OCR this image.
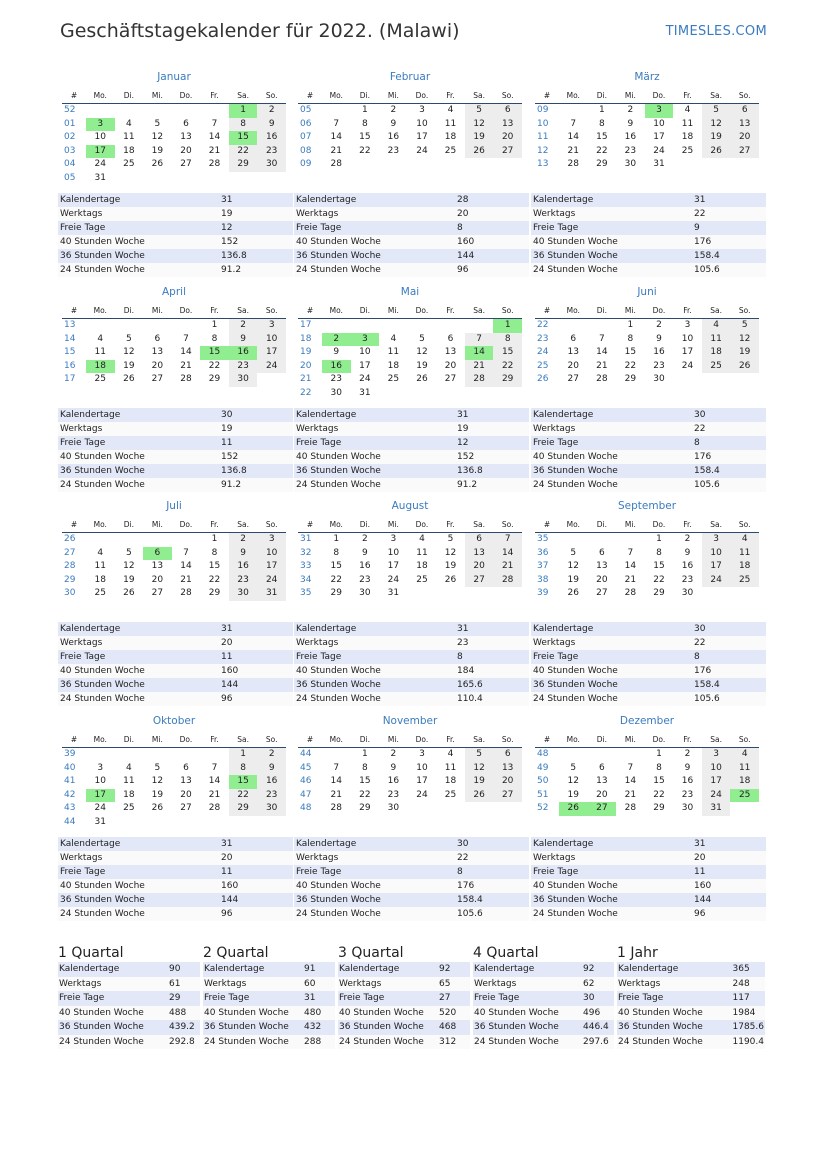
Geschäftstagekalender für 2022. (Malawi)	TIMESLES.COM
Januar
#	Mo.	Di.	Mi.	Do.	Fr.	Sa.	So.
52						1	2
01	3	4	5	6	7	8	9
02	10	11	12	13	14	15	16
03	17	18	19	20	21	22	23
04	24	25	26	27	28	29	30
05	31						
Kalendertage	31
Werktags	19
Freie Tage	12
40 Stunden Woche	152
36 Stunden Woche	136.8
24 Stunden Woche	91.2
Februar
#	Mo.	Di.	Mi.	Do.	Fr.	Sa.	So.
05		1	2	3	4	5	6
06	7	8	9	10	11	12	13
07	14	15	16	17	18	19	20
08	21	22	23	24	25	26	27
09	28						
Kalendertage	28
Werktags	20
Freie Tage	8
40 Stunden Woche	160
36 Stunden Woche	144
24 Stunden Woche	96
März
#	Mo.	Di.	Mi.	Do.	Fr.	Sa.	So.
09		1	2	3	4	5	6
10	7	8	9	10	11	12	13
11	14	15	16	17	18	19	20
12	21	22	23	24	25	26	27
13	28	29	30	31			
Kalendertage	31
Werktags	22
Freie Tage	9
40 Stunden Woche	176
36 Stunden Woche	158.4
24 Stunden Woche	105.6
April
#	Mo.	Di.	Mi.	Do.	Fr.	Sa.	So.
13					1	2	3
14	4	5	6	7	8	9	10
15	11	12	13	14	15	16	17
16	18	19	20	21	22	23	24
17	25	26	27	28	29	30	
Kalendertage	30
Werktags	19
Freie Tage	11
40 Stunden Woche	152
36 Stunden Woche	136.8
24 Stunden Woche	91.2
Mai
#	Mo.	Di.	Mi.	Do.	Fr.	Sa.	So.
17							1
18	2	3	4	5	6	7	8
19	9	10	11	12	13	14	15
20	16	17	18	19	20	21	22
21	23	24	25	26	27	28	29
22	30	31					
Kalendertage	31
Werktags	19
Freie Tage	12
40 Stunden Woche	152
36 Stunden Woche	136.8
24 Stunden Woche	91.2
Juni
#	Mo.	Di.	Mi.	Do.	Fr.	Sa.	So.
22			1	2	3	4	5
23	6	7	8	9	10	11	12
24	13	14	15	16	17	18	19
25	20	21	22	23	24	25	26
26	27	28	29	30			
Kalendertage	30
Werktags	22
Freie Tage	8
40 Stunden Woche	176
36 Stunden Woche	158.4
24 Stunden Woche	105.6
Juli
#	Mo.	Di.	Mi.	Do.	Fr.	Sa.	So.
26					1	2	3
27	4	5	6	7	8	9	10
28	11	12	13	14	15	16	17
29	18	19	20	21	22	23	24
30	25	26	27	28	29	30	31
Kalendertage	31
Werktags	20
Freie Tage	11
40 Stunden Woche	160
36 Stunden Woche	144
24 Stunden Woche	96
August
#	Mo.	Di.	Mi.	Do.	Fr.	Sa.	So.
31	1	2	3	4	5	6	7
32	8	9	10	11	12	13	14
33	15	16	17	18	19	20	21
34	22	23	24	25	26	27	28
35	29	30	31				
Kalendertage	31
Werktags	23
Freie Tage	8
40 Stunden Woche	184
36 Stunden Woche	165.6
24 Stunden Woche	110.4
September
#	Mo.	Di.	Mi.	Do.	Fr.	Sa.	So.
35				1	2	3	4
36	5	6	7	8	9	10	11
37	12	13	14	15	16	17	18
38	19	20	21	22	23	24	25
39	26	27	28	29	30		
Kalendertage	30
Werktags	22
Freie Tage	8
40 Stunden Woche	176
36 Stunden Woche	158.4
24 Stunden Woche	105.6
Oktober
#	Mo.	Di.	Mi.	Do.	Fr.	Sa.	So.
39						1	2
40	3	4	5	6	7	8	9
41	10	11	12	13	14	15	16
42	17	18	19	20	21	22	23
43	24	25	26	27	28	29	30
44	31						
Kalendertage	31
Werktags	20
Freie Tage	11
40 Stunden Woche	160
36 Stunden Woche	144
24 Stunden Woche	96
November
#	Mo.	Di.	Mi.	Do.	Fr.	Sa.	So.
44		1	2	3	4	5	6
45	7	8	9	10	11	12	13
46	14	15	16	17	18	19	20
47	21	22	23	24	25	26	27
48	28	29	30				
Kalendertage	30
Werktags	22
Freie Tage	8
40 Stunden Woche	176
36 Stunden Woche	158.4
24 Stunden Woche	105.6
Dezember
#	Mo.	Di.	Mi.	Do.	Fr.	Sa.	So.
48				1	2	3	4
49	5	6	7	8	9	10	11
50	12	13	14	15	16	17	18
51	19	20	21	22	23	24	25
52	26	27	28	29	30	31	
Kalendertage	31
Werktags	20
Freie Tage	11
40 Stunden Woche	160
36 Stunden Woche	144
24 Stunden Woche	96
1 Quartal
Kalendertage	90
Werktags	61
Freie Tage	29
40 Stunden Woche	488
36 Stunden Woche	439.2
24 Stunden Woche	292.8
2 Quartal
Kalendertage	91
Werktags	60
Freie Tage	31
40 Stunden Woche	480
36 Stunden Woche	432
24 Stunden Woche	288
3 Quartal
Kalendertage	92
Werktags	65
Freie Tage	27
40 Stunden Woche	520
36 Stunden Woche	468
24 Stunden Woche	312
4 Quartal
Kalendertage	92
Werktags	62
Freie Tage	30
40 Stunden Woche	496
36 Stunden Woche	446.4
24 Stunden Woche	297.6
1 Jahr
Kalendertage	365
Werktags	248
Freie Tage	117
40 Stunden Woche	1984
36 Stunden Woche	1785.6
24 Stunden Woche	1190.4
